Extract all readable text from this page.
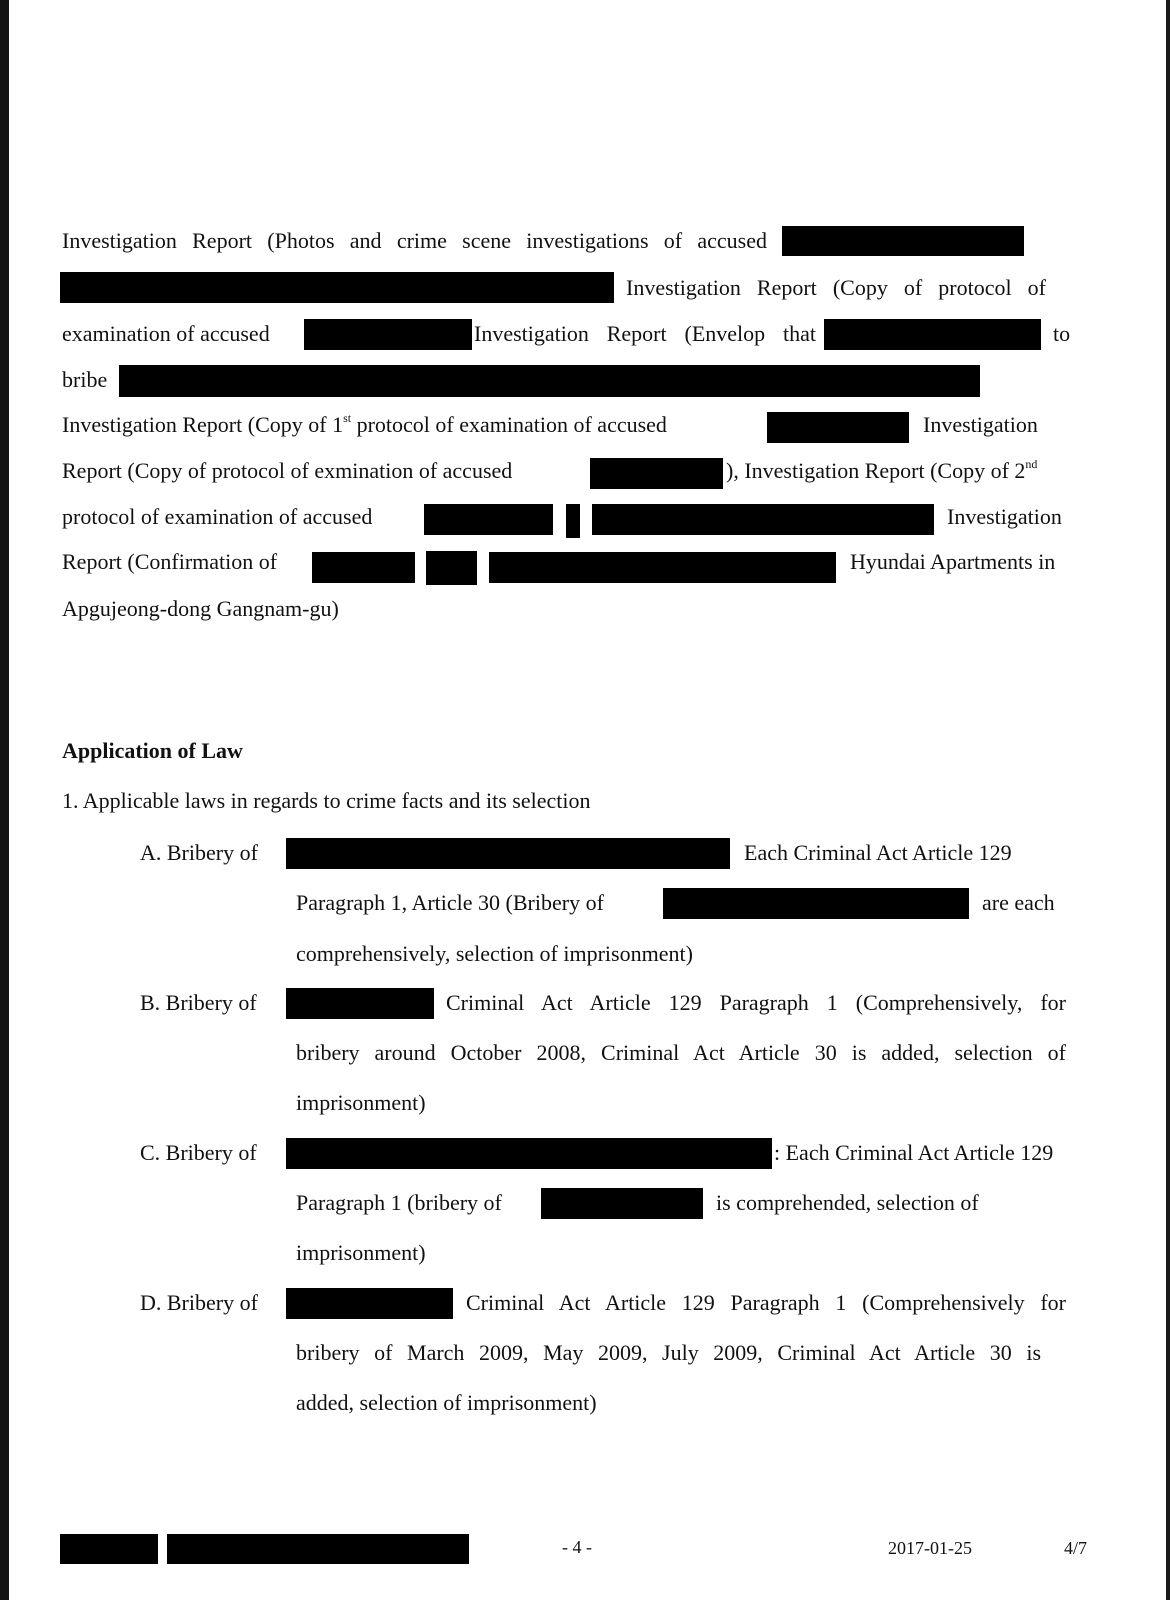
Investigation Report (Photos and crime scene investigations of accused
Investigation Report (Copy of protocol of
examination of accused	Investigation Report (Envelop that	to
bribe
Investigation Report (Copy of 1st protocol of examination of accused	Investigation
Report (Copy of protocol of exmination of accused	), Investigation Report (Copy of 2nd
protocol of examination of accused	Investigation
Report (Confirmation of	Hyundai Apartments in
Apgujeong-dong Gangnam-gu)
Application of Law
1. Applicable laws in regards to crime facts and its selection
A. Bribery of	Each Criminal Act Article 129
Paragraph 1, Article 30 (Bribery of	are each
comprehensively, selection of imprisonment)
B. Bribery of	Criminal Act Article 129 Paragraph 1 (Comprehensively, for
bribery around October 2008, Criminal Act Article 30 is added, selection of
imprisonment)
C. Bribery of	: Each Criminal Act Article 129
Paragraph 1 (bribery of	is comprehended, selection of
imprisonment)
D. Bribery of	Criminal Act Article 129 Paragraph 1 (Comprehensively for
bribery of March 2009, May 2009, July 2009, Criminal Act Article 30 is
added, selection of imprisonment)
- 4 -	2017-01-25	4/7
